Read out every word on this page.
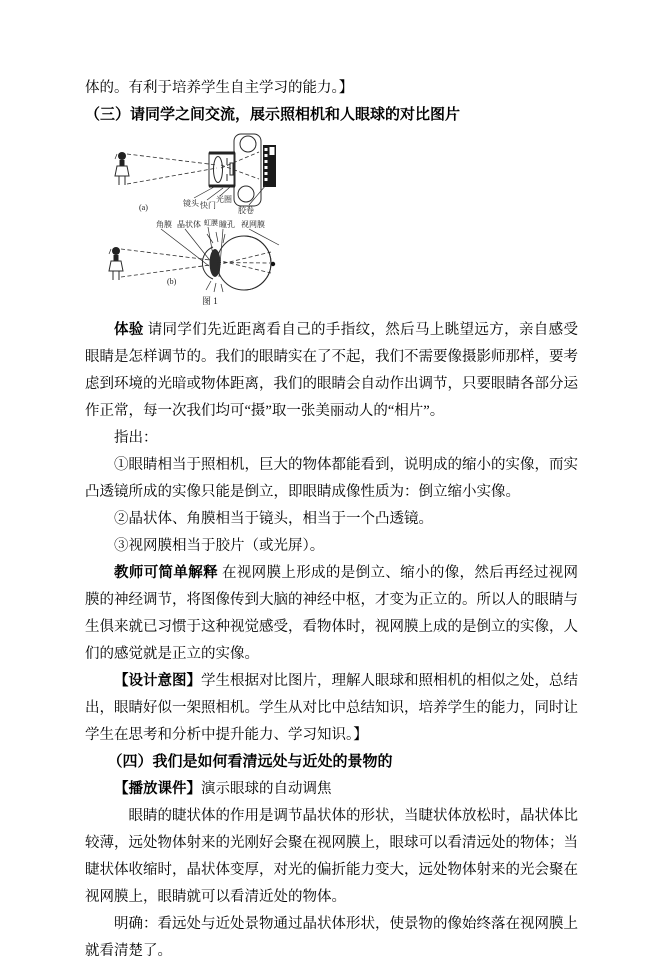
体的。有利于培养学生自主学习的能力。】

（三）请同学之间交流，展示照相机和人眼球的对比图片

镜头 快门
光圈
胶卷
(a)
角膜 晶状体 虹膜 瞳孔 视网膜
(b)
图 1

体验 请同学们先近距离看自己的手指纹，然后马上眺望远方，亲自感受眼睛是怎样调节的。我们的眼睛实在了不起，我们不需要像摄影师那样，要考虑到环境的光暗或物体距离，我们的眼睛会自动作出调节，只要眼睛各部分运作正常，每一次我们均可“摄”取一张美丽动人的“相片”。

指出：

①眼睛相当于照相机，巨大的物体都能看到，说明成的缩小的实像，而实凸透镜所成的实像只能是倒立，即眼睛成像性质为：倒立缩小实像。

②晶状体、角膜相当于镜头，相当于一个凸透镜。

③视网膜相当于胶片（或光屏）。

教师可简单解释 在视网膜上形成的是倒立、缩小的像，然后再经过视网膜的神经调节，将图像传到大脑的神经中枢，才变为正立的。所以人的眼睛与生俱来就已习惯于这种视觉感受，看物体时，视网膜上成的是倒立的实像，人们的感觉就是正立的实像。

【设计意图】学生根据对比图片，理解人眼球和照相机的相似之处，总结出，眼睛好似一架照相机。学生从对比中总结知识，培养学生的能力，同时让学生在思考和分析中提升能力、学习知识。】

（四）我们是如何看清远处与近处的景物的

【播放课件】演示眼球的自动调焦

眼睛的睫状体的作用是调节晶状体的形状，当睫状体放松时，晶状体比较薄，远处物体射来的光刚好会聚在视网膜上，眼球可以看清远处的物体；当睫状体收缩时，晶状体变厚，对光的偏折能力变大，远处物体射来的光会聚在视网膜上，眼睛就可以看清近处的物体。

明确：看远处与近处景物通过晶状体形状，使景物的像始终落在视网膜上就看清楚了。
